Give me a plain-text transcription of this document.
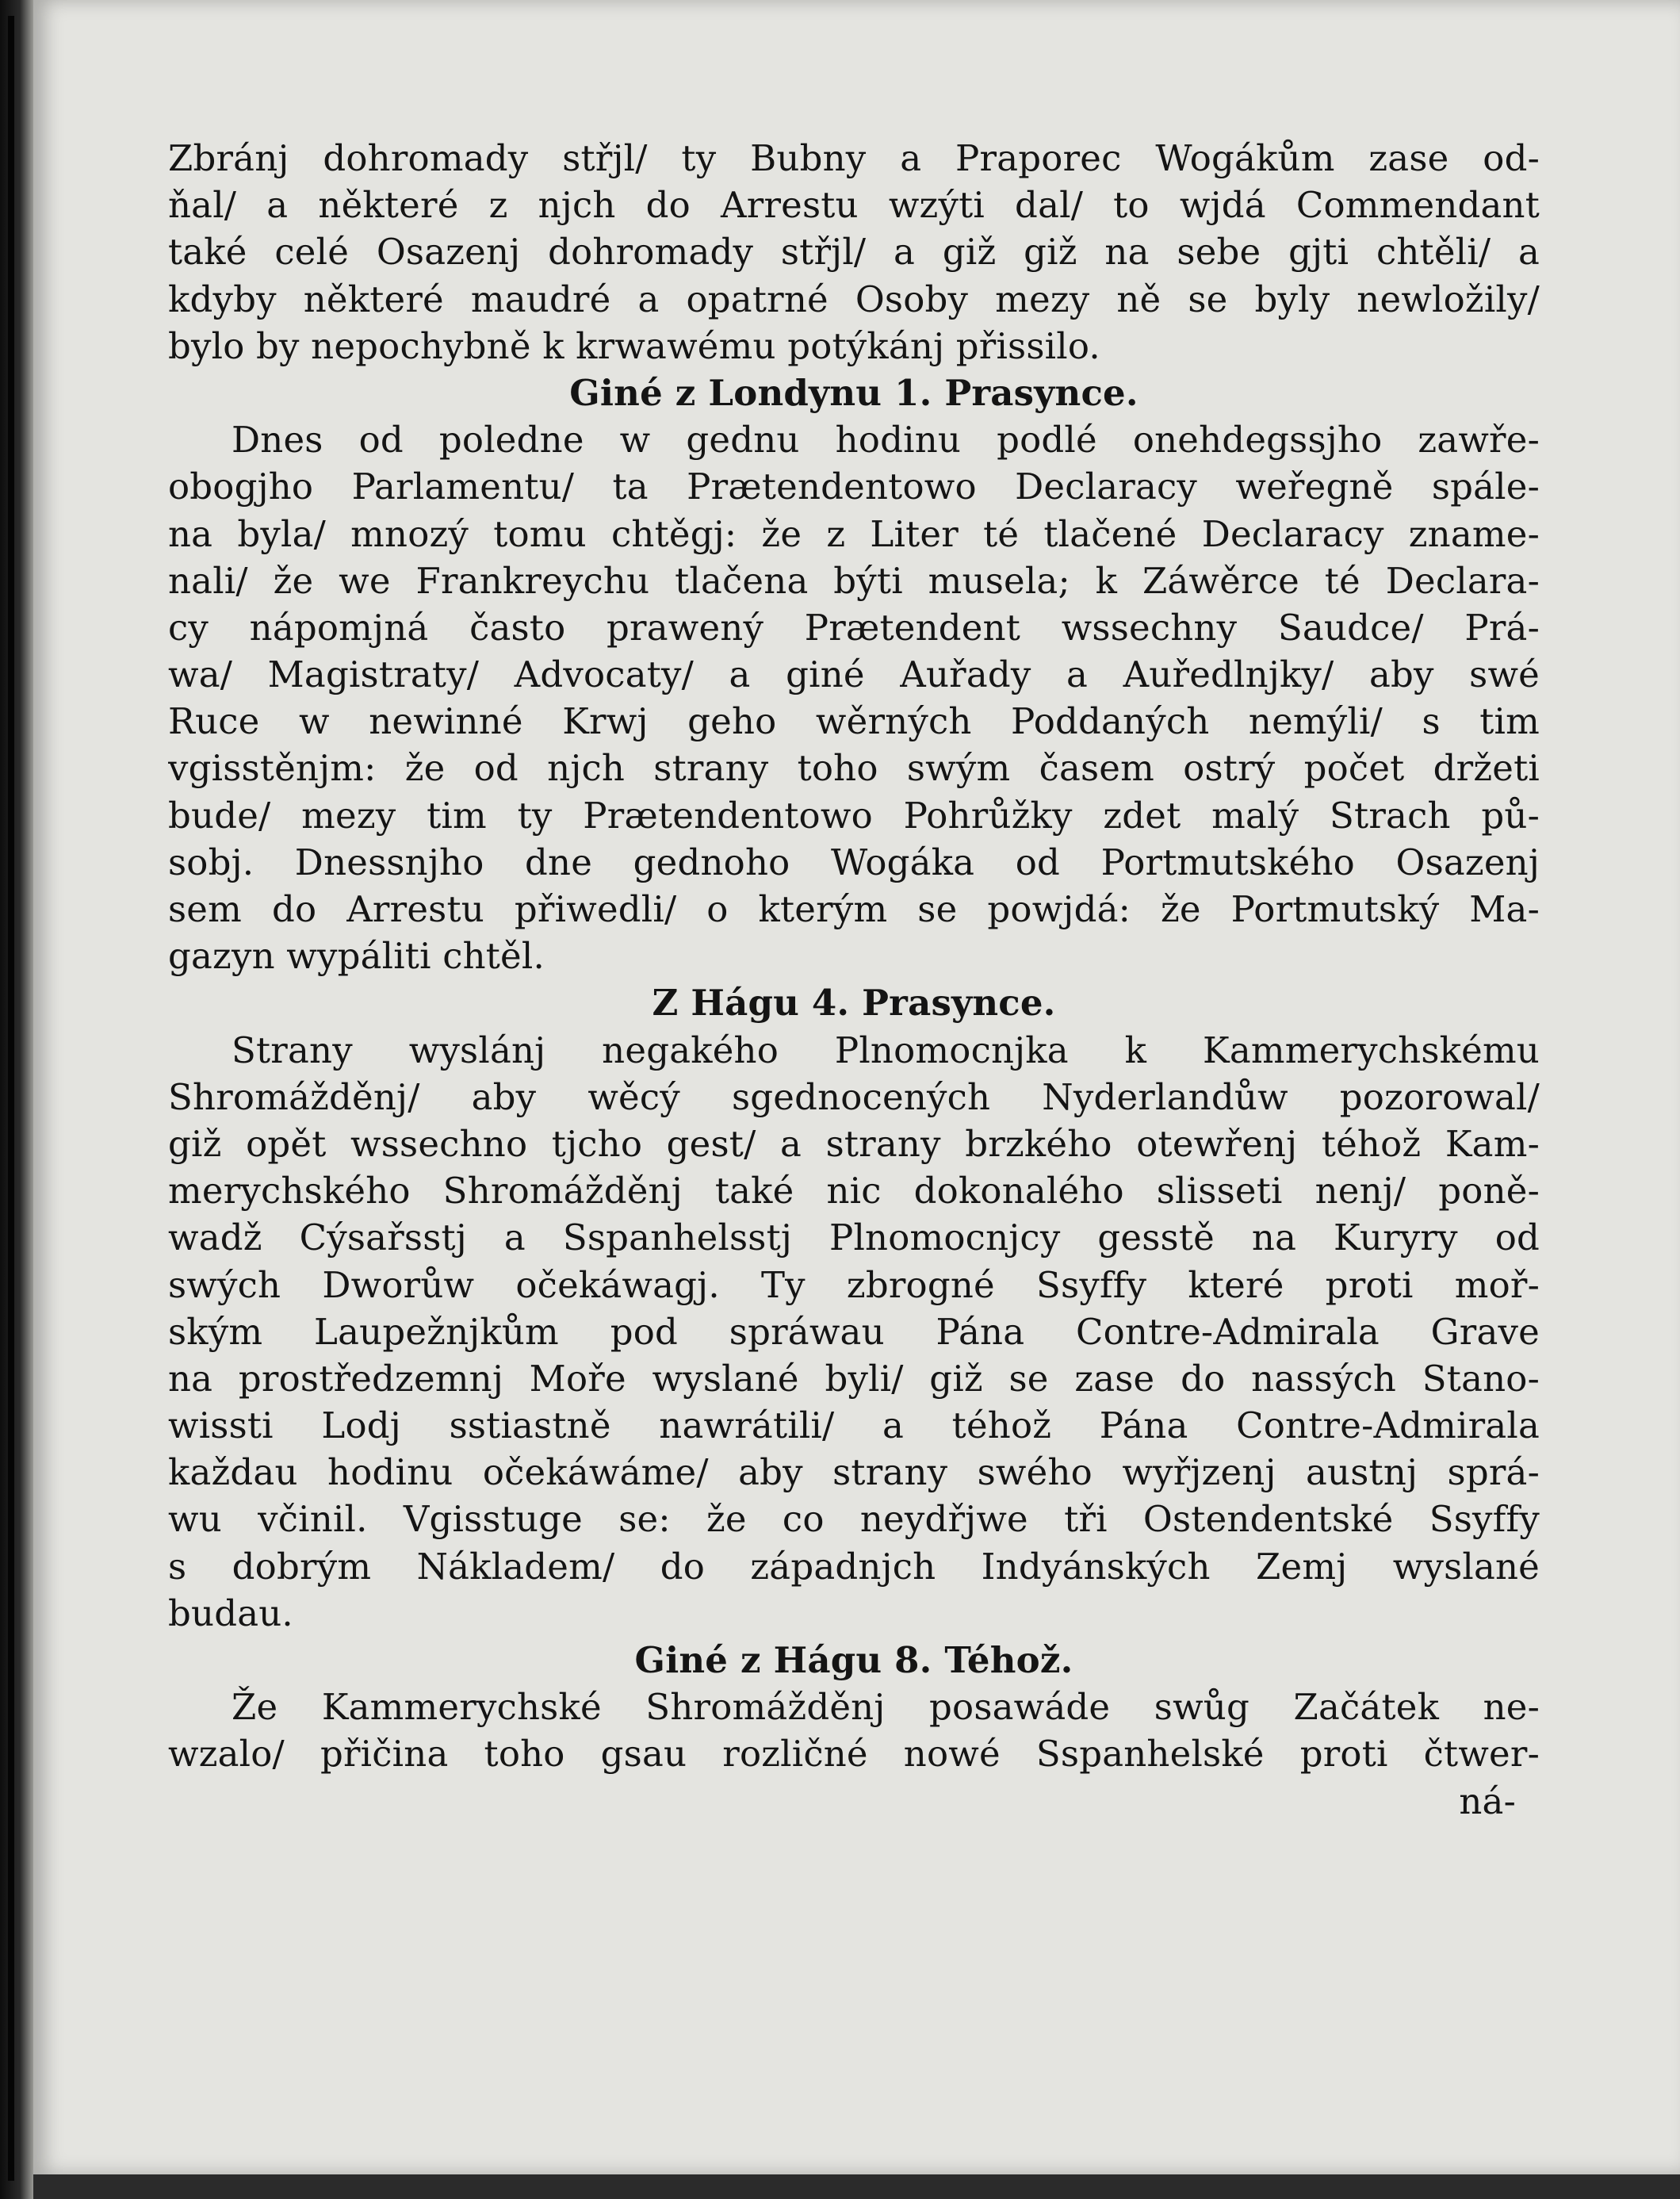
Zbránj dohromady střjl/ ty Bubny a Praporec Wogákům zase od-
ňal/ a některé z njch do Arrestu wzýti dal/ to wjdá Commendant
také celé Osazenj dohromady střjl/ a giž giž na sebe gjti chtěli/ a
kdyby některé maudré a opatrné Osoby mezy ně se byly newložily/
bylo by nepochybně k krwawému potýkánj přissilo.
Giné z Londynu 1. Prasynce.
Dnes od poledne w gednu hodinu podlé onehdegssjho zawře-
obogjho Parlamentu/ ta Prætendentowo Declaracy weřegně spále-
na byla/ mnozý tomu chtěgj: že z Liter té tlačené Declaracy zname-
nali/ že we Frankreychu tlačena býti musela; k Záwěrce té Declara-
cy nápomjná často prawený Prætendent wssechny Saudce/ Prá-
wa/ Magistraty/ Advocaty/ a giné Auřady a Auředlnjky/ aby swé
Ruce w newinné Krwj geho wěrných Poddaných nemýli/ s tim
vgisstěnjm: že od njch strany toho swým časem ostrý počet držeti
bude/ mezy tim ty Prætendentowo Pohrůžky zdet malý Strach pů-
sobj. Dnessnjho dne gednoho Wogáka od Portmutského Osazenj
sem do Arrestu přiwedli/ o kterým se powjdá: že Portmutský Ma-
gazyn wypáliti chtěl.
Z Hágu 4. Prasynce.
Strany wyslánj negakého Plnomocnjka k Kammerychskému
Shromážděnj/ aby wěcý sgednocených Nyderlandůw pozorowal/
giž opět wssechno tjcho gest/ a strany brzkého otewřenj téhož Kam-
merychského Shromážděnj také nic dokonalého slisseti nenj/ poně-
wadž Cýsařsstj a Sspanhelsstj Plnomocnjcy gesstě na Kuryry od
swých Dworůw očekáwagj. Ty zbrogné Ssyffy které proti moř-
ským Laupežnjkům pod spráwau Pána Contre-Admirala Grave
na prostředzemnj Moře wyslané byli/ giž se zase do nassých Stano-
wissti Lodj sstiastně nawrátili/ a téhož Pána Contre-Admirala
každau hodinu očekáwáme/ aby strany swého wyřjzenj austnj sprá-
wu včinil. Vgisstuge se: že co neydřjwe tři Ostendentské Ssyffy
s dobrým Nákladem/ do západnjch Indyánských Zemj wyslané
budau.
Giné z Hágu 8. Téhož.
Že Kammerychské Shromážděnj posawáde swůg Začátek ne-
wzalo/ přičina toho gsau rozličné nowé Sspanhelské proti čtwer-
ná-
